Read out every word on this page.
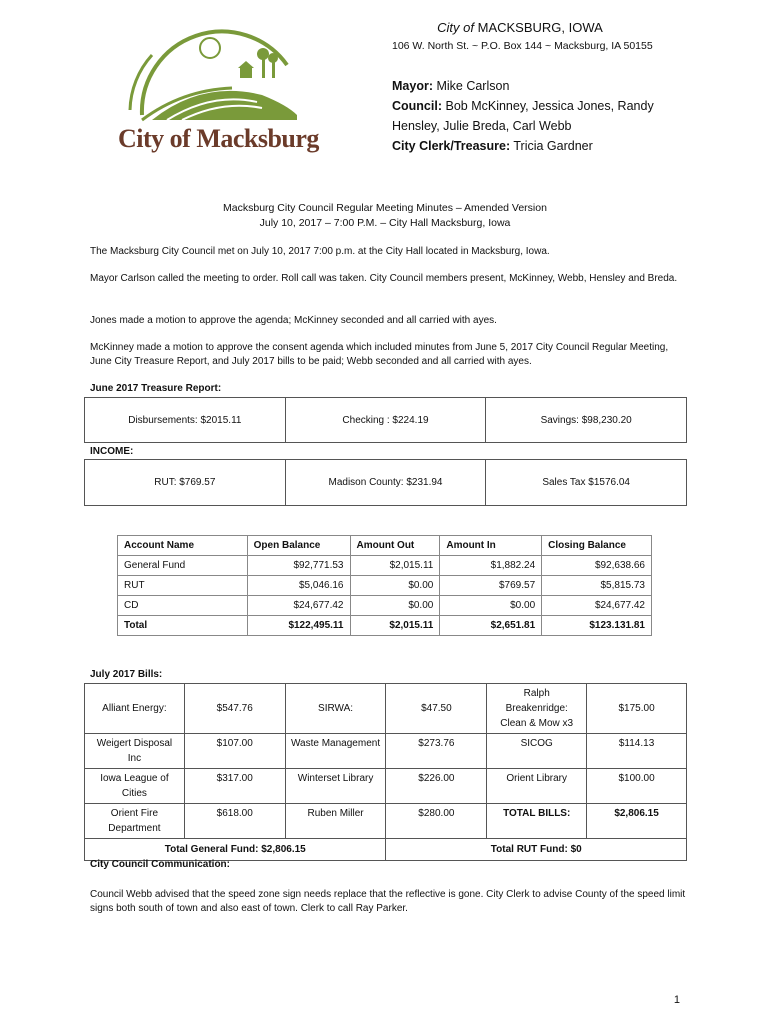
City of Macksburg
City of MACKSBURG, IOWA
106 W. North St. ~ P.O. Box 144 ~ Macksburg, IA 50155
Mayor: Mike Carlson
Council: Bob McKinney, Jessica Jones, Randy Hensley, Julie Breda, Carl Webb
City Clerk/Treasure: Tricia Gardner
Macksburg City Council Regular Meeting Minutes – Amended Version
July 10, 2017 – 7:00 P.M. – City Hall Macksburg, Iowa
The Macksburg City Council met on July 10, 2017 7:00 p.m. at the City Hall located in Macksburg, Iowa.
Mayor Carlson called the meeting to order. Roll call was taken. City Council members present, McKinney, Webb, Hensley and Breda.
Jones made a motion to approve the agenda; McKinney seconded and all carried with ayes.
McKinney made a motion to approve the consent agenda which included minutes from June 5, 2017 City Council Regular Meeting, June City Treasure Report, and July 2017 bills to be paid; Webb seconded and all carried with ayes.
June 2017 Treasure Report:
Disbursements: $2015.11	Checking : $224.19	Savings: $98,230.20
INCOME:
RUT: $769.57	Madison County: $231.94	Sales Tax $1576.04
Account Name	Open Balance	Amount Out	Amount In	Closing Balance
General Fund	$92,771.53	$2,015.11	$1,882.24	$92,638.66
RUT	$5,046.16	$0.00	$769.57	$5,815.73
CD	$24,677.42	$0.00	$0.00	$24,677.42
Total	$122,495.11	$2,015.11	$2,651.81	$123.131.81
July 2017 Bills:
Alliant Energy:	$547.76	SIRWA:	$47.50	Ralph Breakenridge: Clean & Mow x3	$175.00
Weigert Disposal Inc	$107.00	Waste Management	$273.76	SICOG	$114.13
Iowa League of Cities	$317.00	Winterset Library	$226.00	Orient Library	$100.00
Orient Fire Department	$618.00	Ruben Miller	$280.00	TOTAL BILLS:	$2,806.15
Total General Fund: $2,806.15			Total RUT Fund: $0		
City Council Communication:
Council Webb advised that the speed zone sign needs replace that the reflective is gone. City Clerk to advise County of the speed limit signs both south of town and also east of town. Clerk to call Ray Parker.
1
